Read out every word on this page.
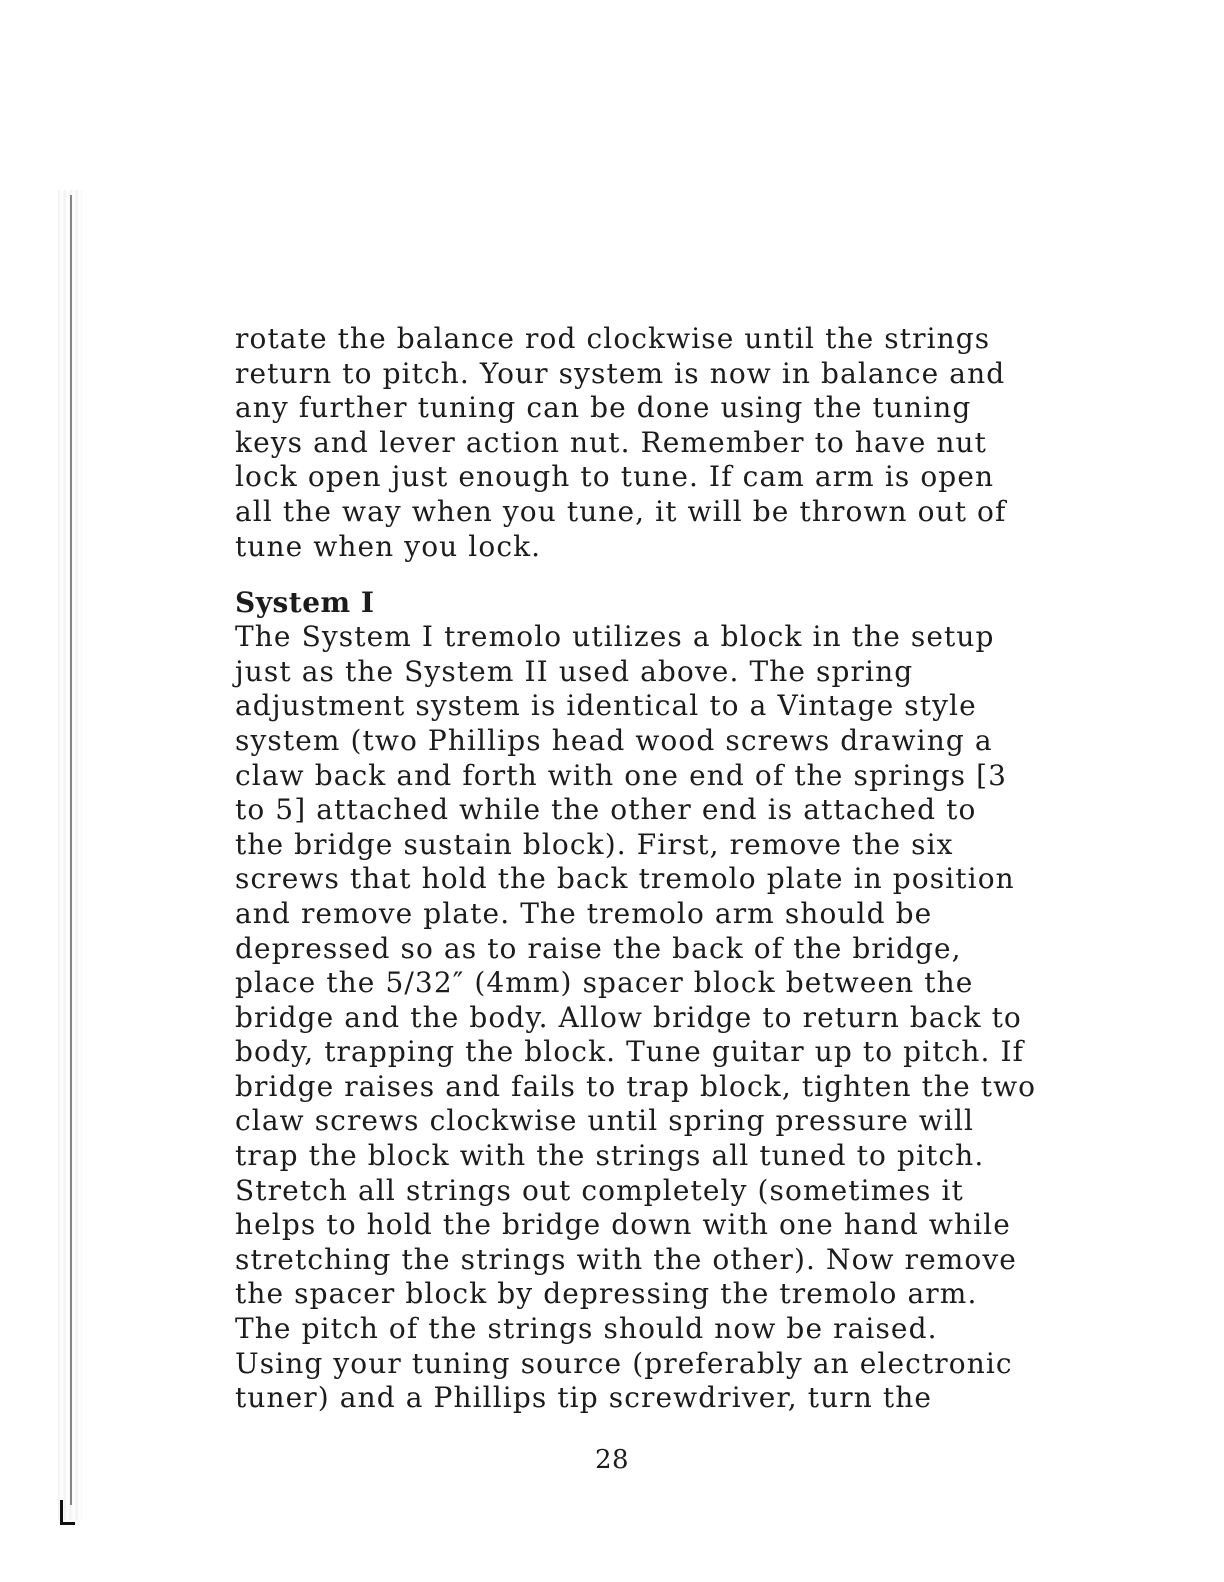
rotate the balance rod clockwise until the strings
return to pitch. Your system is now in balance and
any further tuning can be done using the tuning
keys and lever action nut. Remember to have nut
lock open just enough to tune. If cam arm is open
all the way when you tune, it will be thrown out of
tune when you lock.
System I
The System I tremolo utilizes a block in the setup
just as the System II used above. The spring
adjustment system is identical to a Vintage style
system (two Phillips head wood screws drawing a
claw back and forth with one end of the springs [3
to 5] attached while the other end is attached to
the bridge sustain block). First, remove the six
screws that hold the back tremolo plate in position
and remove plate. The tremolo arm should be
depressed so as to raise the back of the bridge,
place the 5/32″ (4mm) spacer block between the
bridge and the body. Allow bridge to return back to
body, trapping the block. Tune guitar up to pitch. If
bridge raises and fails to trap block, tighten the two
claw screws clockwise until spring pressure will
trap the block with the strings all tuned to pitch.
Stretch all strings out completely (sometimes it
helps to hold the bridge down with one hand while
stretching the strings with the other). Now remove
the spacer block by depressing the tremolo arm.
The pitch of the strings should now be raised.
Using your tuning source (preferably an electronic
tuner) and a Phillips tip screwdriver, turn the
28
